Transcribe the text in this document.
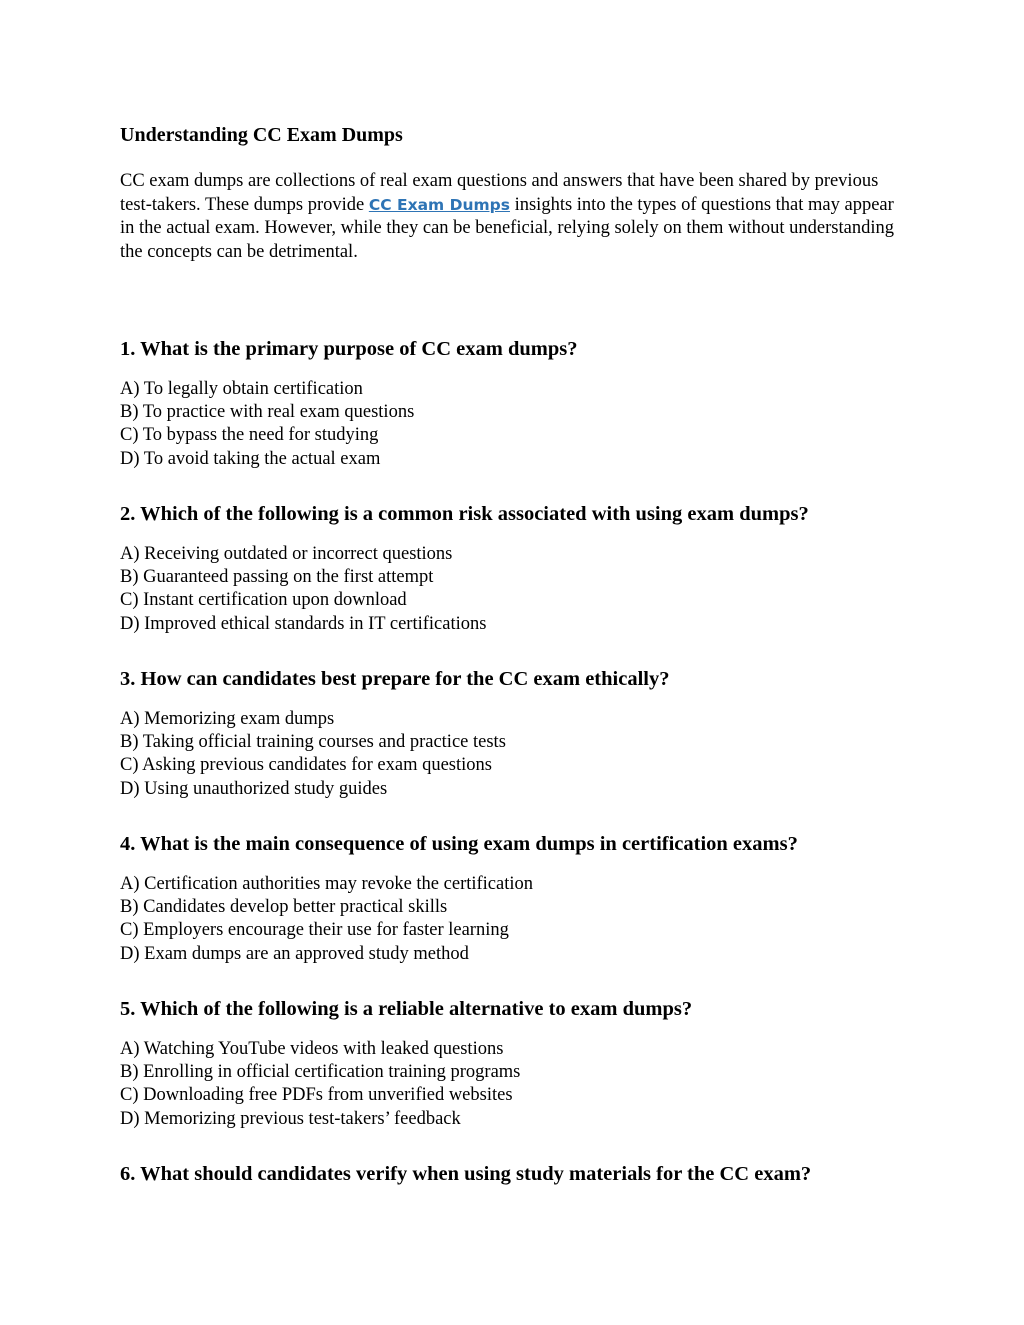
Understanding CC Exam Dumps

CC exam dumps are collections of real exam questions and answers that have been shared by previous test-takers. These dumps provide CC Exam Dumps insights into the types of questions that may appear in the actual exam. However, while they can be beneficial, relying solely on them without understanding the concepts can be detrimental.

1. What is the primary purpose of CC exam dumps?
A) To legally obtain certification
B) To practice with real exam questions
C) To bypass the need for studying
D) To avoid taking the actual exam
2. Which of the following is a common risk associated with using exam dumps?
A) Receiving outdated or incorrect questions
B) Guaranteed passing on the first attempt
C) Instant certification upon download
D) Improved ethical standards in IT certifications
3. How can candidates best prepare for the CC exam ethically?
A) Memorizing exam dumps
B) Taking official training courses and practice tests
C) Asking previous candidates for exam questions
D) Using unauthorized study guides
4. What is the main consequence of using exam dumps in certification exams?
A) Certification authorities may revoke the certification
B) Candidates develop better practical skills
C) Employers encourage their use for faster learning
D) Exam dumps are an approved study method
5. Which of the following is a reliable alternative to exam dumps?
A) Watching YouTube videos with leaked questions
B) Enrolling in official certification training programs
C) Downloading free PDFs from unverified websites
D) Memorizing previous test-takers’ feedback
6. What should candidates verify when using study materials for the CC exam?
